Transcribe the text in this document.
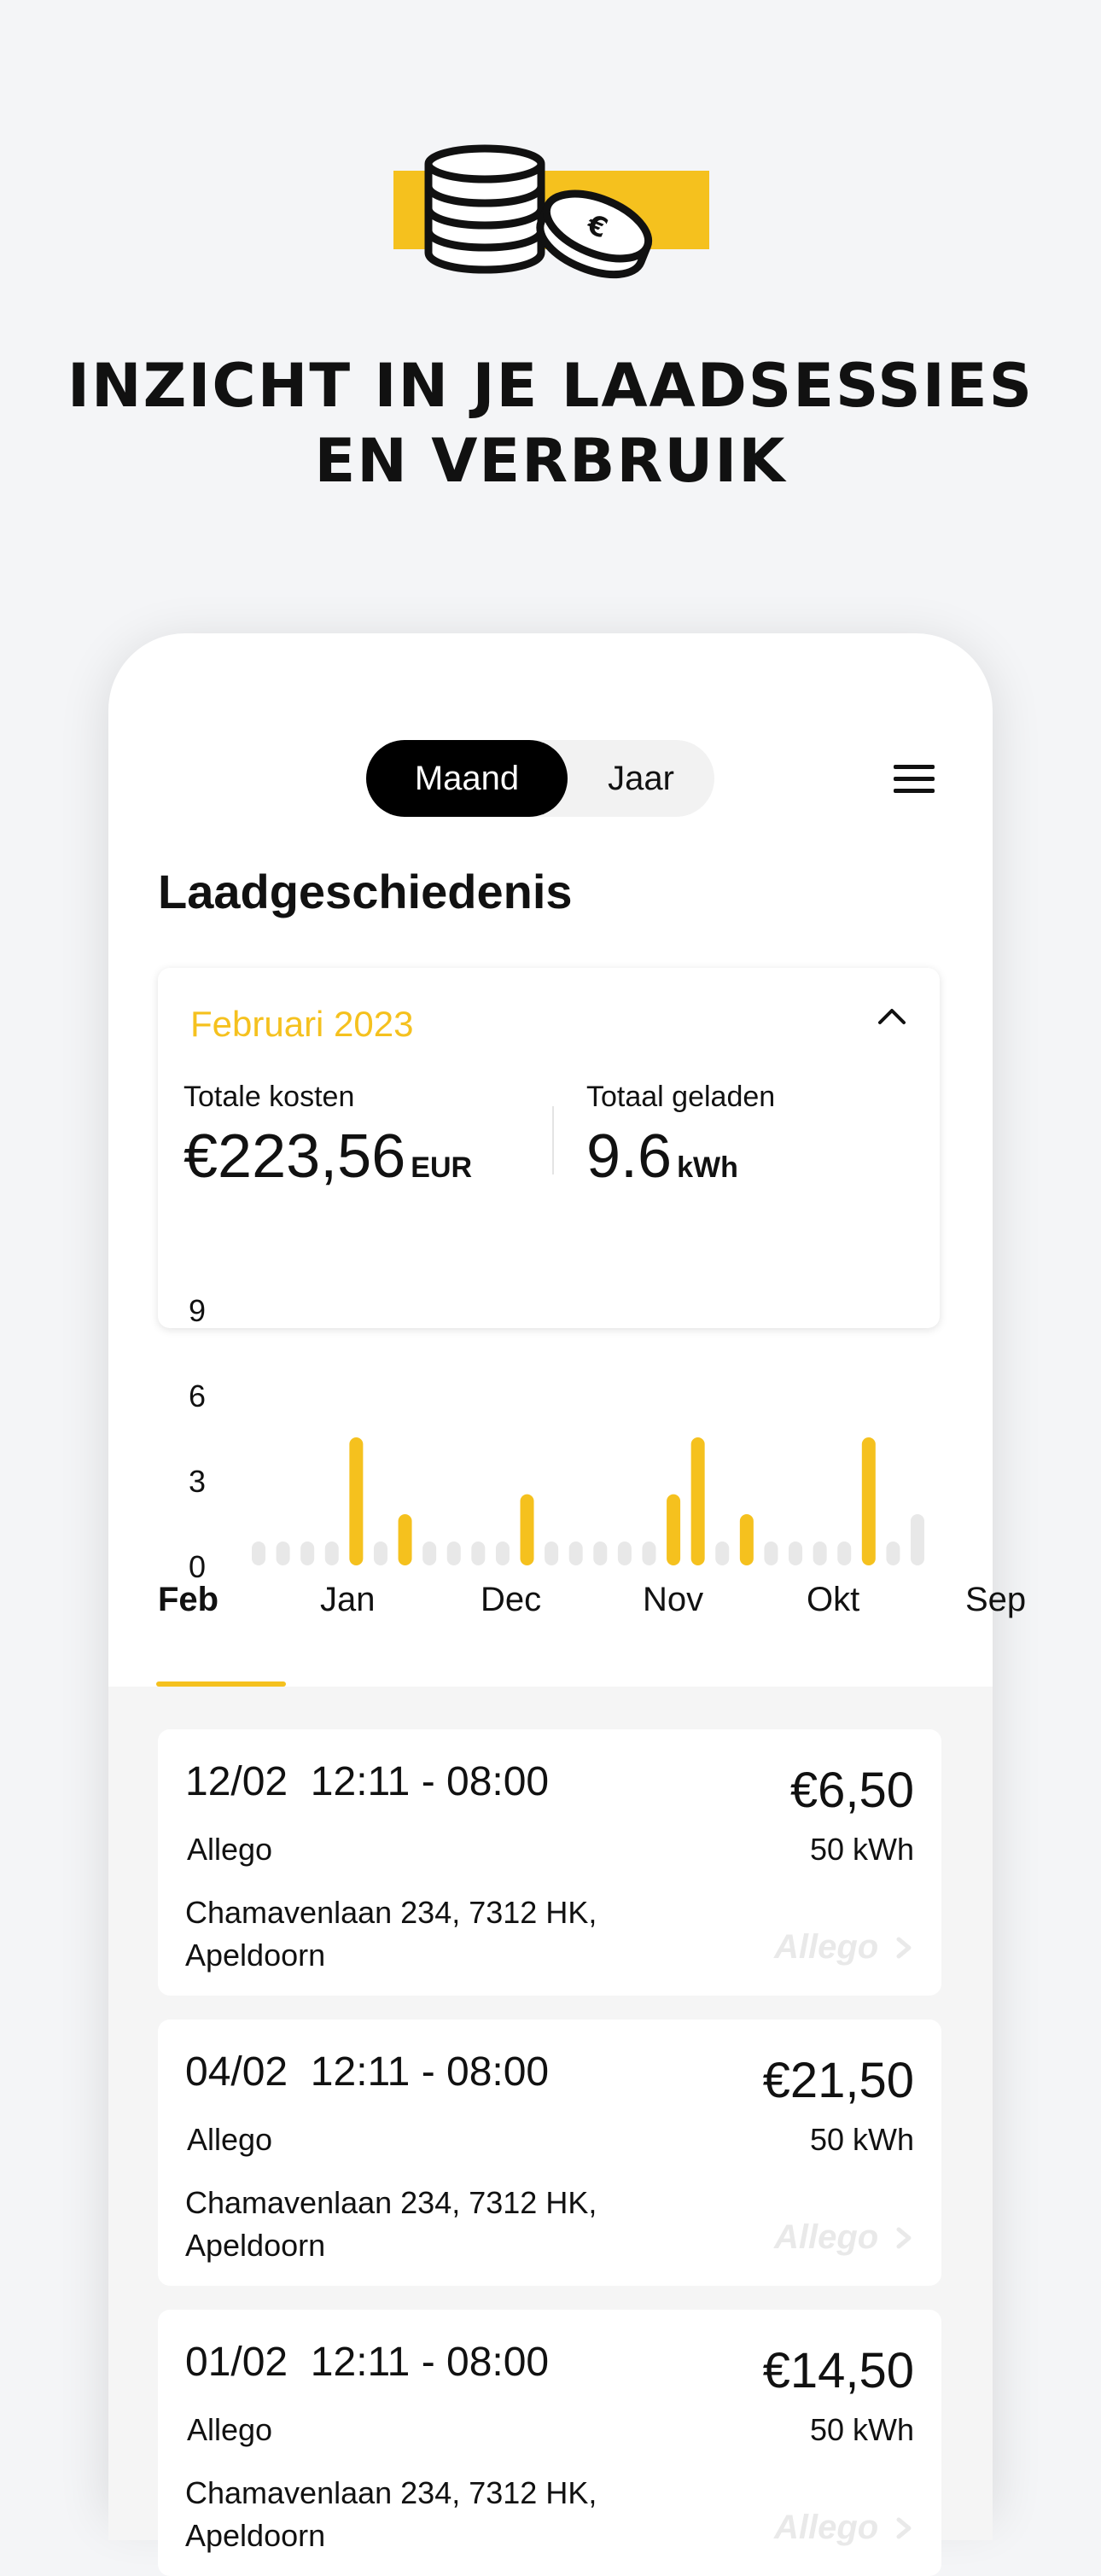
€
INZICHT IN JE LAADSESSIES
EN VERBRUIK
Maand	Jaar
Laadgeschiedenis
Februari 2023
Totale kosten
€223,56 EUR
Totaal geladen
9.6 kWh
9
6
3
0
Feb	Jan	Dec	Nov	Okt	Sep
12/02 12:11 - 08:00
Allego
Chamavenlaan 234, 7312 HK,
Apeldoorn
€6,50
50 kWh
Allego
04/02 12:11 - 08:00
Allego
Chamavenlaan 234, 7312 HK,
Apeldoorn
€21,50
50 kWh
Allego
01/02 12:11 - 08:00
Allego
Chamavenlaan 234, 7312 HK,
Apeldoorn
€14,50
50 kWh
Allego
